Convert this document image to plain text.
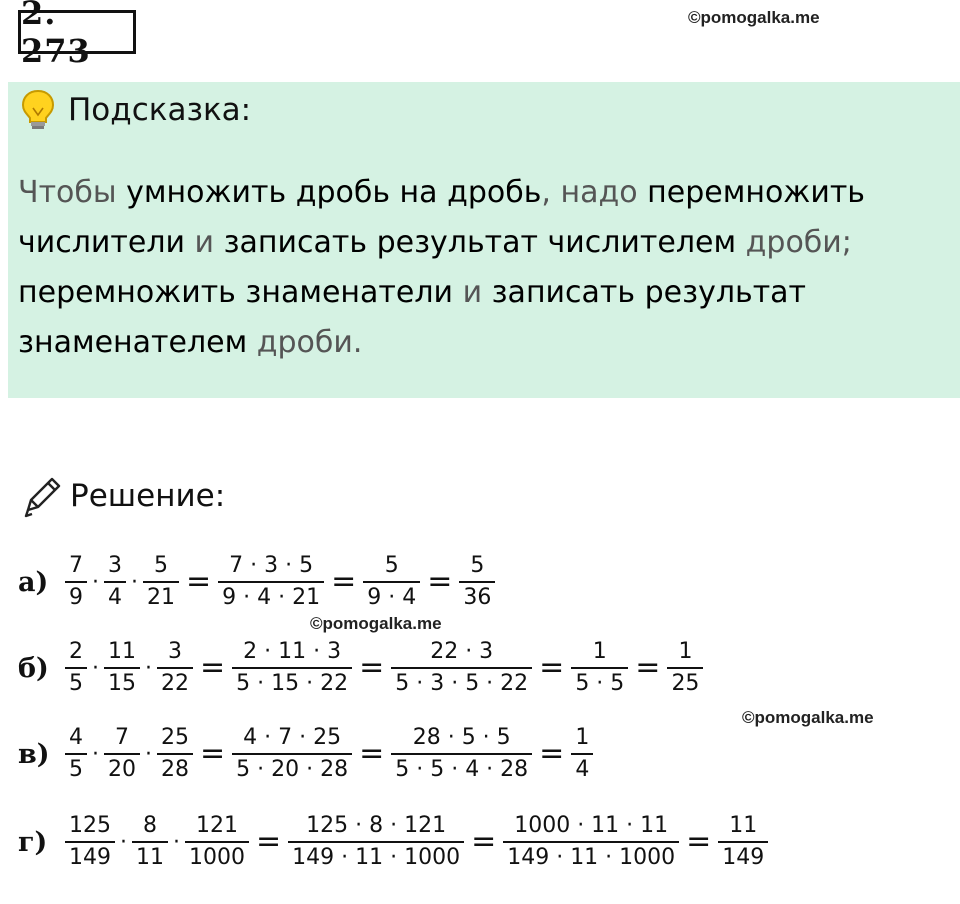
2. 273
©pomogalka.me
Подсказка:
Чтобы умножить дробь на дробь, надо перемножить числители и записать результат числителем дроби; перемножить знаменатели и записать результат знаменателем дроби.
Решение:
$а) \frac{7}{9} \cdot \frac{3}{4} \cdot \frac{5}{21} = \frac{7 \cdot 3 \cdot 5}{9 \cdot 4 \cdot 21} = \frac{5}{9 \cdot 4} = \frac{5}{36}$
$б) \frac{2}{5} \cdot \frac{11}{15} \cdot \frac{3}{22} = \frac{2 \cdot 11 \cdot 3}{5 \cdot 15 \cdot 22} = \frac{22 \cdot 3}{5 \cdot 3 \cdot 5 \cdot 22} = \frac{1}{5 \cdot 5} = \frac{1}{25}$
$в) \frac{4}{5} \cdot \frac{7}{20} \cdot \frac{25}{28} = \frac{4 \cdot 7 \cdot 25}{5 \cdot 20 \cdot 28} = \frac{28 \cdot 5 \cdot 5}{5 \cdot 5 \cdot 4 \cdot 28} = \frac{1}{4}$
$г) \frac{125}{149} \cdot \frac{8}{11} \cdot \frac{121}{1000} = \frac{125 \cdot 8 \cdot 121}{149 \cdot 11 \cdot 1000} = \frac{1000 \cdot 11 \cdot 11}{149 \cdot 11 \cdot 1000} = \frac{11}{149}$
©pomogalka.me
©pomogalka.me
